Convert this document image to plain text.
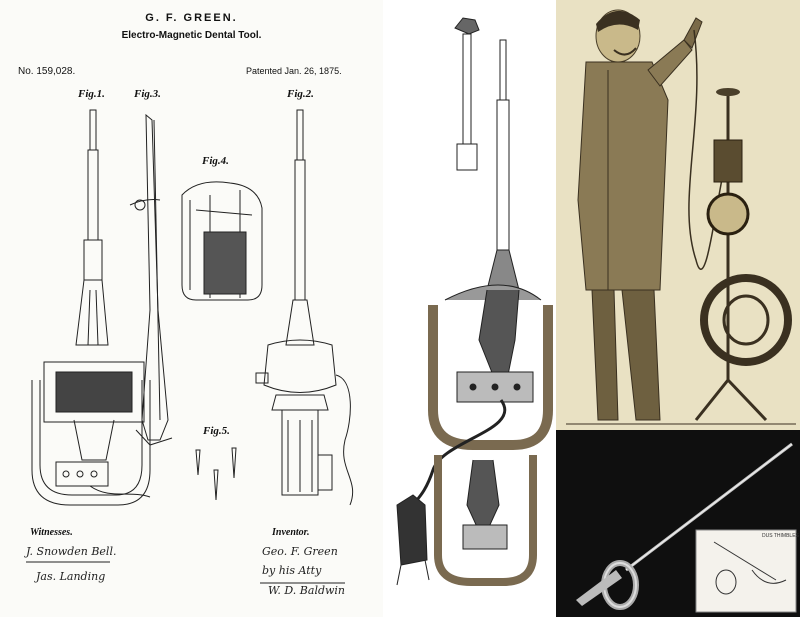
G. F. GREEN.
Electro-Magnetic Dental Tool.
No. 159,028.	Patented Jan. 26, 1875.
Fig.1.	Fig.3.	Fig.2.
Fig.4.
Fig.5.
Witnesses.	Inventor.
J. Snowden Bell.
Jas. Landing
Geo. F. Green
by his Atty
W. D. Baldwin
DUS THIMBLES
